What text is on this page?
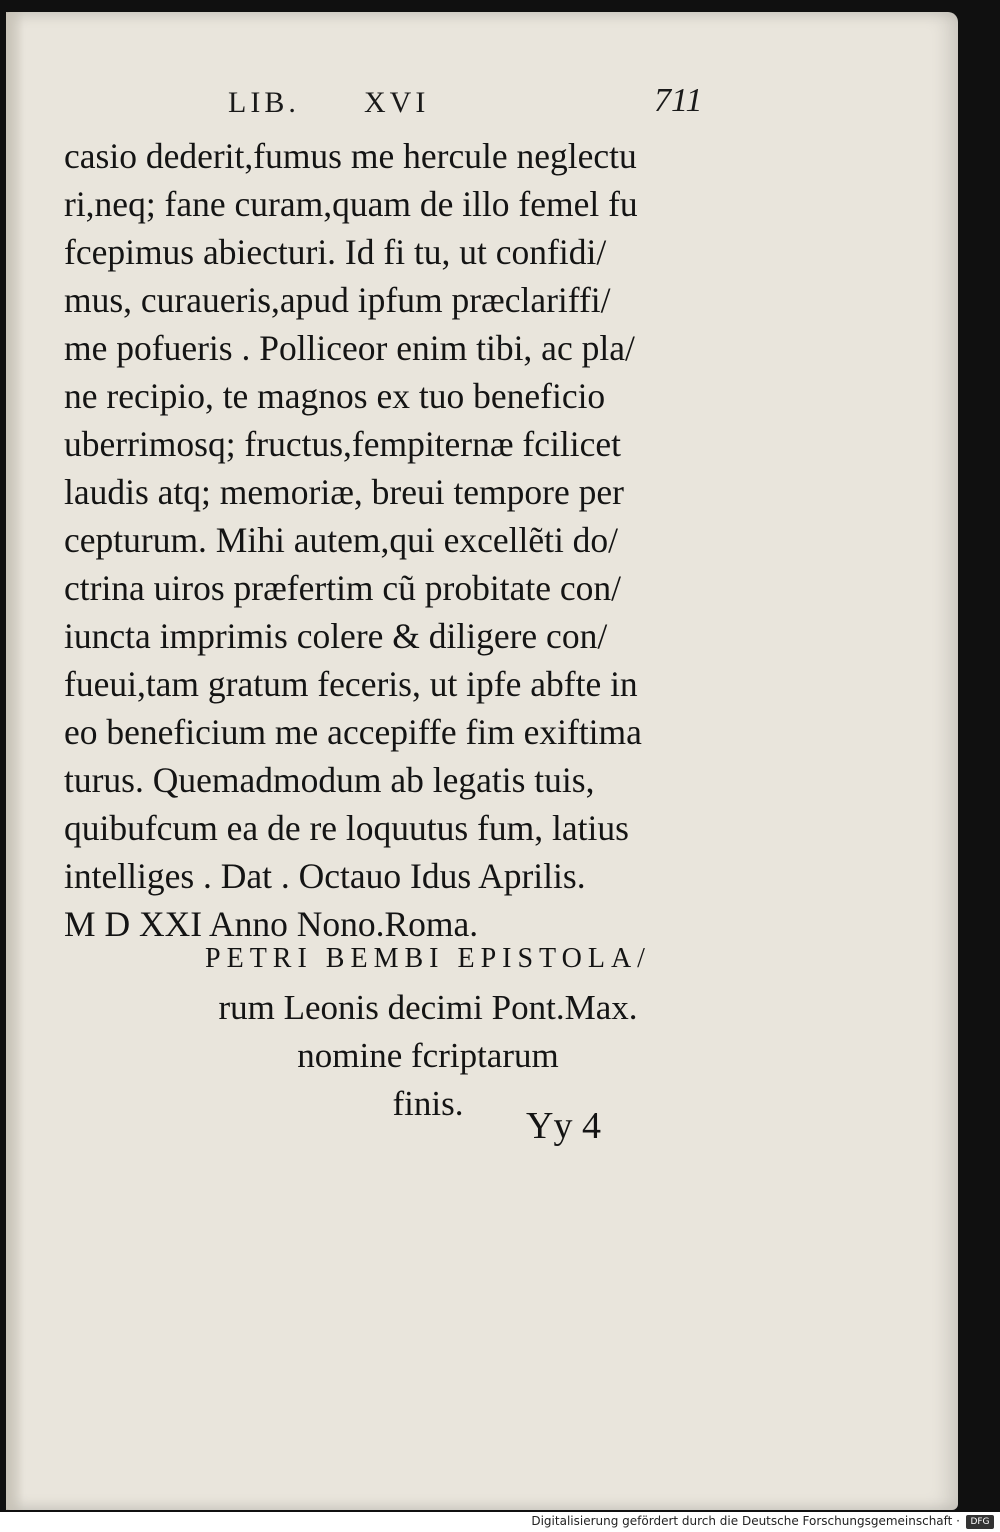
LIB. XVI	711
casio dederit,fumus me hercule neglectu
ri,neq; fane curam,quam de illo femel fu
fcepimus abiecturi. Id fi tu, ut confidi/
mus, curaueris,apud ipfum præclariffi/
me pofueris . Polliceor enim tibi, ac pla/
ne recipio, te magnos ex tuo beneficio
uberrimosq; fructus,fempiternæ fcilicet
laudis atq; memoriæ, breui tempore per
cepturum. Mihi autem,qui excellẽti do/
ctrina uiros præfertim cũ probitate con/
iuncta imprimis colere & diligere con/
fueui,tam gratum feceris, ut ipfe abfte in
eo beneficium me accepiffe fim exiftima
turus. Quemadmodum ab legatis tuis,
quibufcum ea de re loquutus fum, latius
intelliges . Dat . Octauo Idus Aprilis.
M D XXI Anno Nono.Roma.
PETRI BEMBI EPISTOLA/
rum Leonis decimi Pont.Max.
nomine fcriptarum
finis.
Yy 4
Digitalisierung gefördert durch die Deutsche Forschungsgemeinschaft ·	DFG
